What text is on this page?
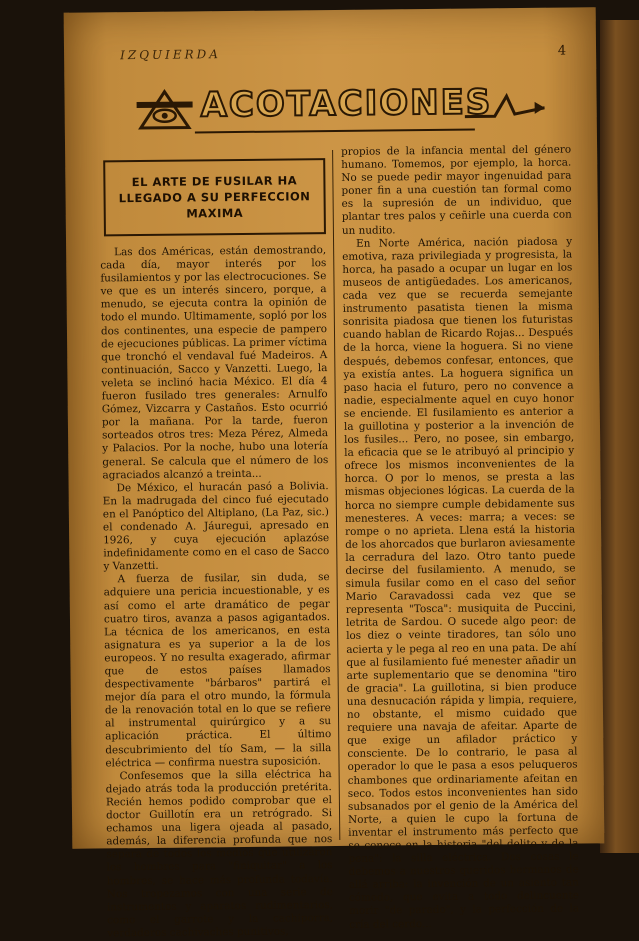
IZQUIERDA	4
ACOTACIONES
EL ARTE DE FUSILAR HA LLEGADO A SU PERFECCION MAXIMA

Las dos Américas, están demostrando, cada día, mayor interés por los fusilamientos y por las electrocuciones. Se ve que es un interés sincero, porque, a menudo, se ejecuta contra la opinión de todo el mundo. Ultimamente, sopló por los dos continentes, una especie de pampero de ejecuciones públicas. La primer víctima que tronchó el vendaval fué Madeiros. A continuación, Sacco y Vanzetti. Luego, la veleta se inclinó hacia México. El día 4 fueron fusilado tres generales: Arnulfo Gómez, Vizcarra y Castaños. Esto ocurrió por la mañana. Por la tarde, fueron sorteados otros tres: Meza Pérez, Almeda y Palacios. Por la noche, hubo una lotería general. Se calcula que el número de los agraciados alcanzó a treinta...

De México, el huracán pasó a Bolivia. En la madrugada del cinco fué ejecutado en el Panóptico del Altiplano, (La Paz, sic.) el condenado A. Jáuregui, apresado en 1926, y cuya ejecución aplazóse indefinidamente como en el caso de Sacco y Vanzetti.

A fuerza de fusilar, sin duda, se adquiere una pericia incuestionable, y es así como el arte dramático de pegar cuatro tiros, avanza a pasos agigantados. La técnica de los americanos, en esta asignatura es ya superior a la de los europeos. Y no resulta exagerado, afirmar que de estos países llamados despectivamente "bárbaros" partirá el mejor día para el otro mundo, la fórmula de la renovación total en lo que se refiere al instrumental quirúrgico y a su aplicación práctica. El último descubrimiento del tío Sam, — la silla eléctrica — confirma nuestra suposición.

Confesemos que la silla eléctrica ha dejado atrás toda la producción pretérita. Recién hemos podido comprobar que el doctor Guillotín era un retrógrado. Si echamos una ligera ojeada al pasado, además, la diferencia profunda que nos separa de todos los medios que utilizaron los hombres para "finiquitar" a los hombres, se hace más profunda todavía. Nos tropezamos con una serie de instrumentos y aparatos rudimentarios, como el garrote y la cachiporra, verdaderos cachivaches punitivos,

propios de la infancia mental del género humano. Tomemos, por ejemplo, la horca. No se puede pedir mayor ingenuidad para poner fin a una cuestión tan formal como es la supresión de un individuo, que plantar tres palos y ceñirle una cuerda con un nudito.

En Norte América, nación piadosa y emotiva, raza privilegiada y progresista, la horca, ha pasado a ocupar un lugar en los museos de antigüedades. Los americanos, cada vez que se recuerda semejante instrumento pasatista tienen la misma sonrisita piadosa que tienen los futuristas cuando hablan de Ricardo Rojas... Después de la horca, viene la hoguera. Si no viene después, debemos confesar, entonces, que ya existía antes. La hoguera significa un paso hacia el futuro, pero no convence a nadie, especialmente aquel en cuyo honor se enciende. El fusilamiento es anterior a la guillotina y posterior a la invención de los fusiles... Pero, no posee, sin embargo, la eficacia que se le atribuyó al principio y ofrece los mismos inconvenientes de la horca. O por lo menos, se presta a las mismas objeciones lógicas. La cuerda de la horca no siempre cumple debidamente sus menesteres. A veces: marra; a veces: se rompe o no aprieta. Llena está la historia de los ahorcados que burlaron aviesamente la cerradura del lazo. Otro tanto puede decirse del fusilamiento. A menudo, se simula fusilar como en el caso del señor Mario Caravadossi cada vez que se representa "Tosca": musiquita de Puccini, letrita de Sardou. O sucede algo peor: de los diez o veinte tiradores, tan sólo uno acierta y le pega al reo en una pata. De ahí que al fusilamiento fué menester añadir un arte suplementario que se denomina "tiro de gracia". La guillotina, si bien produce una desnucación rápida y limpia, requiere, no obstante, el mismo cuidado que requiere una navaja de afeitar. Aparte de que exige un afilador práctico y consciente. De lo contrario, le pasa al operador lo que le pasa a esos peluqueros chambones que ordinariamente afeitan en seco. Todos estos inconvenientes han sido subsanados por el genio de la América del Norte, a quien le cupo la fortuna de inventar el instrumento más perfecto que se conoce en la historia "del delito y de la pena": la silla eléctrica. Dos cosas le debemos a nuestros queridos hermanos de allá arriba: la invención de un asiento tan cómodo, que evita a todo delincuente morir "de parado", y la perfección de la cría del cerdo...
